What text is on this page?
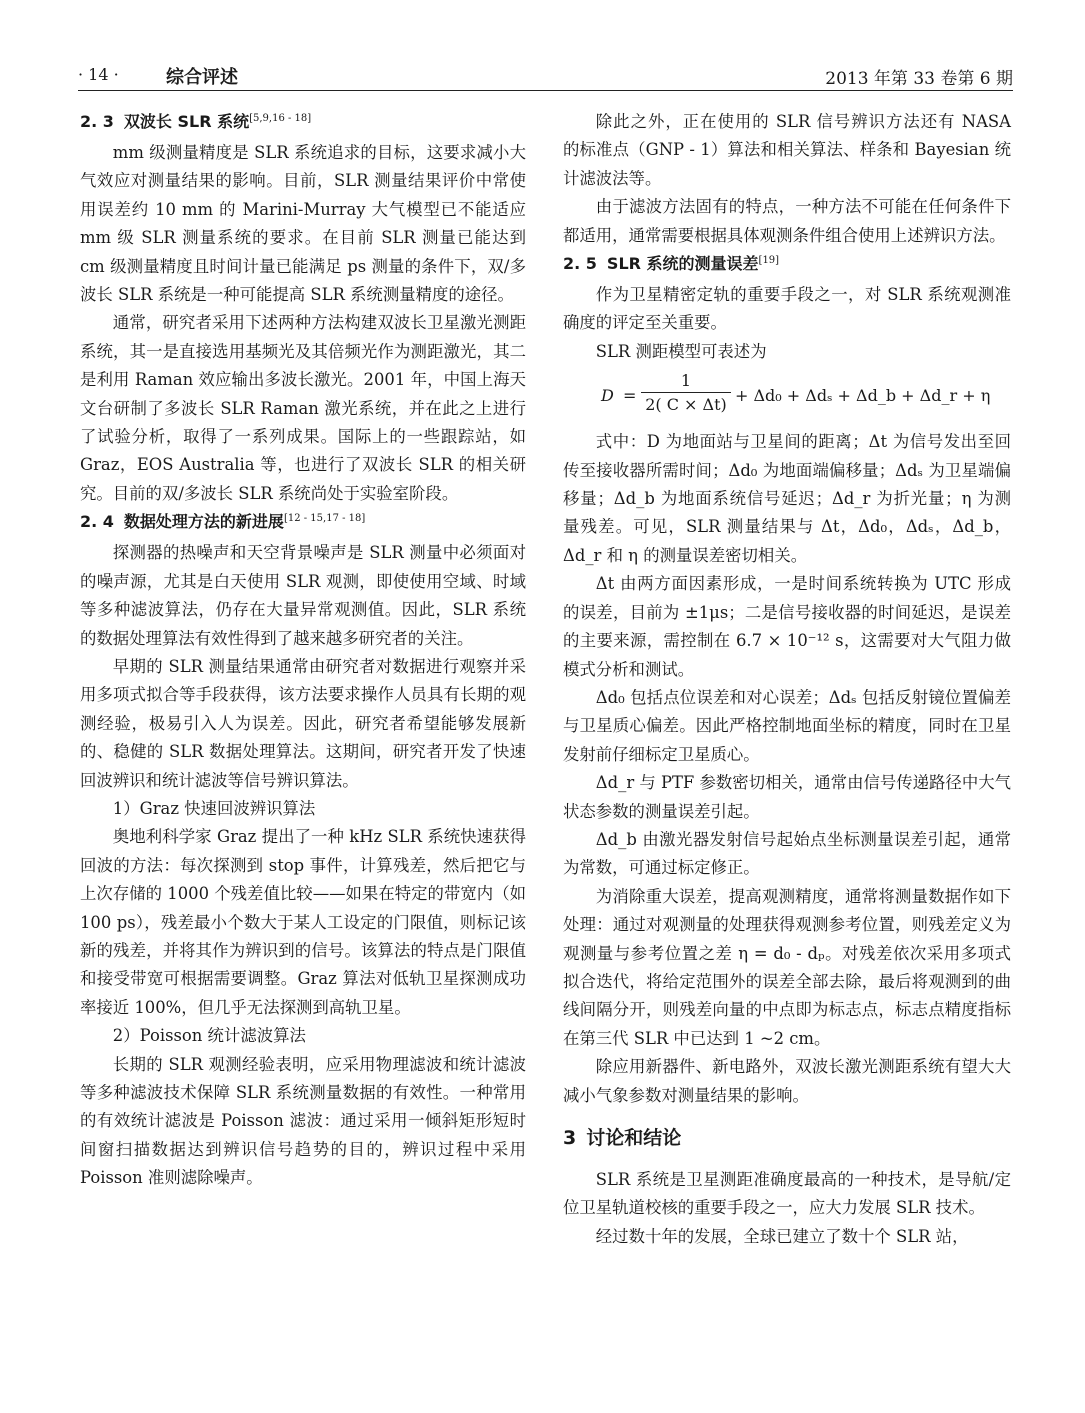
· 14 ·	综合评述	2013 年第 33 卷第 6 期
2. 3 双波长 SLR 系统[5,9,16 - 18]

mm 级测量精度是 SLR 系统追求的目标，这要求减小大气效应对测量结果的影响。目前，SLR 测量结果评价中常使用误差约 10 mm 的 Marini-Murray 大气模型已不能适应 mm 级 SLR 测量系统的要求。在目前 SLR 测量已能达到 cm 级测量精度且时间计量已能满足 ps 测量的条件下，双/多波长 SLR 系统是一种可能提高 SLR 系统测量精度的途径。

通常，研究者采用下述两种方法构建双波长卫星激光测距系统，其一是直接选用基频光及其倍频光作为测距激光，其二是利用 Raman 效应输出多波长激光。2001 年，中国上海天文台研制了多波长 SLR Raman 激光系统，并在此之上进行了试验分析，取得了一系列成果。国际上的一些跟踪站，如 Graz，EOS Australia 等，也进行了双波长 SLR 的相关研究。目前的双/多波长 SLR 系统尚处于实验室阶段。

2. 4 数据处理方法的新进展[12 - 15,17 - 18]

探测器的热噪声和天空背景噪声是 SLR 测量中必须面对的噪声源，尤其是白天使用 SLR 观测，即使使用空域、时域等多种滤波算法，仍存在大量异常观测值。因此，SLR 系统的数据处理算法有效性得到了越来越多研究者的关注。

早期的 SLR 测量结果通常由研究者对数据进行观察并采用多项式拟合等手段获得，该方法要求操作人员具有长期的观测经验，极易引入人为误差。因此，研究者希望能够发展新的、稳健的 SLR 数据处理算法。这期间，研究者开发了快速回波辨识和统计滤波等信号辨识算法。

1）Graz 快速回波辨识算法

奥地利科学家 Graz 提出了一种 kHz SLR 系统快速获得回波的方法：每次探测到 stop 事件，计算残差，然后把它与上次存储的 1000 个残差值比较——如果在特定的带宽内（如 100 ps），残差最小个数大于某人工设定的门限值，则标记该新的残差，并将其作为辨识到的信号。该算法的特点是门限值和接受带宽可根据需要调整。Graz 算法对低轨卫星探测成功率接近 100%，但几乎无法探测到高轨卫星。

2）Poisson 统计滤波算法

长期的 SLR 观测经验表明，应采用物理滤波和统计滤波等多种滤波技术保障 SLR 系统测量数据的有效性。一种常用的有效统计滤波是 Poisson 滤波：通过采用一倾斜矩形短时间窗扫描数据达到辨识信号趋势的目的，辨识过程中采用 Poisson 准则滤除噪声。

除此之外，正在使用的 SLR 信号辨识方法还有 NASA 的标准点（GNP - 1）算法和相关算法、样条和 Bayesian 统计滤波法等。

由于滤波方法固有的特点，一种方法不可能在任何条件下都适用，通常需要根据具体观测条件组合使用上述辨识方法。

2. 5 SLR 系统的测量误差[19]

作为卫星精密定轨的重要手段之一，对 SLR 系统观测准确度的评定至关重要。

SLR 测距模型可表述为

$D = \frac{1}{2( C \times \Delta t)} + \Delta d_0 + \Delta d_s$ + Δd_b + Δd_r + η

式中：D 为地面站与卫星间的距离；Δt 为信号发出至回传至接收器所需时间；Δd₀ 为地面端偏移量；Δdₛ 为卫星端偏移量；Δd_b 为地面系统信号延迟；Δd_r 为折光量；η 为测量残差。可见，SLR 测量结果与 Δt，Δd₀，Δdₛ，Δd_b，Δd_r 和 η 的测量误差密切相关。

Δt 由两方面因素形成，一是时间系统转换为 UTC 形成的误差，目前为 ±1μs；二是信号接收器的时间延迟，是误差的主要来源，需控制在 6.7 × 10⁻¹² s，这需要对大气阻力做模式分析和测试。

Δd₀ 包括点位误差和对心误差；Δdₛ 包括反射镜位置偏差与卫星质心偏差。因此严格控制地面坐标的精度，同时在卫星发射前仔细标定卫星质心。

Δd_r 与 PTF 参数密切相关，通常由信号传递路径中大气状态参数的测量误差引起。

Δd_b 由激光器发射信号起始点坐标测量误差引起，通常为常数，可通过标定修正。

为消除重大误差，提高观测精度，通常将测量数据作如下处理：通过对观测量的处理获得观测参考位置，则残差定义为观测量与参考位置之差 η = d₀ - dₚ。对残差依次采用多项式拟合迭代，将给定范围外的误差全部去除，最后将观测到的曲线间隔分开，则残差向量的中点即为标志点，标志点精度指标在第三代 SLR 中已达到 1 ~2 cm。

除应用新器件、新电路外，双波长激光测距系统有望大大减小气象参数对测量结果的影响。

3 讨论和结论

SLR 系统是卫星测距准确度最高的一种技术，是导航/定位卫星轨道校核的重要手段之一，应大力发展 SLR 技术。

经过数十年的发展，全球已建立了数十个 SLR 站，
